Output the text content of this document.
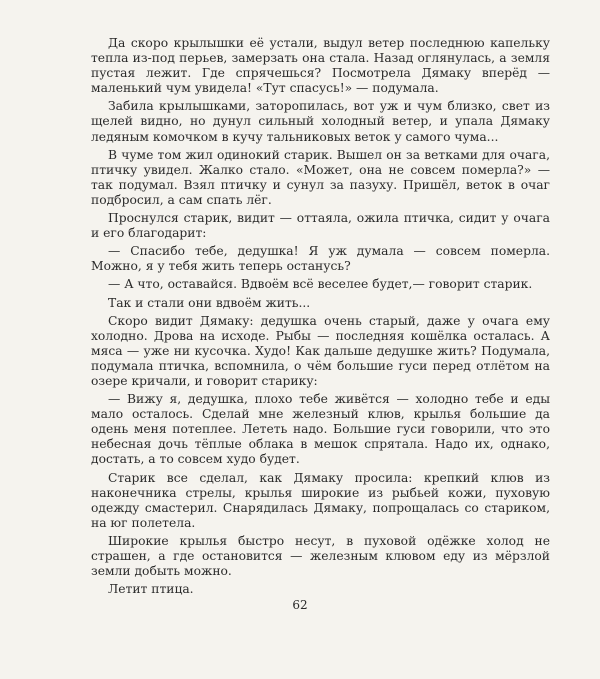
Да скоро крылышки её устали, выдул ветер последнюю капельку тепла из-под перьев, замерзать она стала. Назад оглянулась, а земля пустая лежит. Где спрячешься? Посмотрела Дямаку вперёд — маленький чум увидела! «Тут спасусь!» — подумала.

Забила крылышками, заторопилась, вот уж и чум близко, свет из щелей видно, но дунул сильный холодный ветер, и упала Дямаку ледяным комочком в кучу тальниковых веток у самого чума...

В чуме том жил одинокий старик. Вышел он за ветками для очага, птичку увидел. Жалко стало. «Может, она не совсем померла?» — так подумал. Взял птичку и сунул за пазуху. Пришёл, веток в очаг подбросил, а сам спать лёг.

Проснулся старик, видит — оттаяла, ожила птичка, сидит у очага и его благодарит:

— Спасибо тебе, дедушка! Я уж думала — совсем померла. Можно, я у тебя жить теперь останусь?

— А что, оставайся. Вдвоём всё веселее будет,— говорит старик.

Так и стали они вдвоём жить...

Скоро видит Дямаку: дедушка очень старый, даже у очага ему холодно. Дрова на исходе. Рыбы — последняя кошёлка осталась. А мяса — уже ни кусочка. Худо! Как дальше дедушке жить? Подумала, подумала птичка, вспомнила, о чём большие гуси перед отлётом на озере кричали, и говорит старику:

— Вижу я, дедушка, плохо тебе живётся — холодно тебе и еды мало осталось. Сделай мне железный клюв, крылья большие да одень меня потеплее. Лететь надо. Большие гуси говорили, что это небесная дочь тёплые облака в мешок спрятала. Надо их, однако, достать, а то совсем худо будет.

Старик все сделал, как Дямаку просила: крепкий клюв из наконечника стрелы, крылья широкие из рыбьей кожи, пуховую одежду смастерил. Снарядилась Дямаку, попрощалась со стариком, на юг полетела.

Широкие крылья быстро несут, в пуховой одёжке холод не страшен, а где остановится — железным клювом еду из мёрзлой земли добыть можно.

Летит птица.

62
